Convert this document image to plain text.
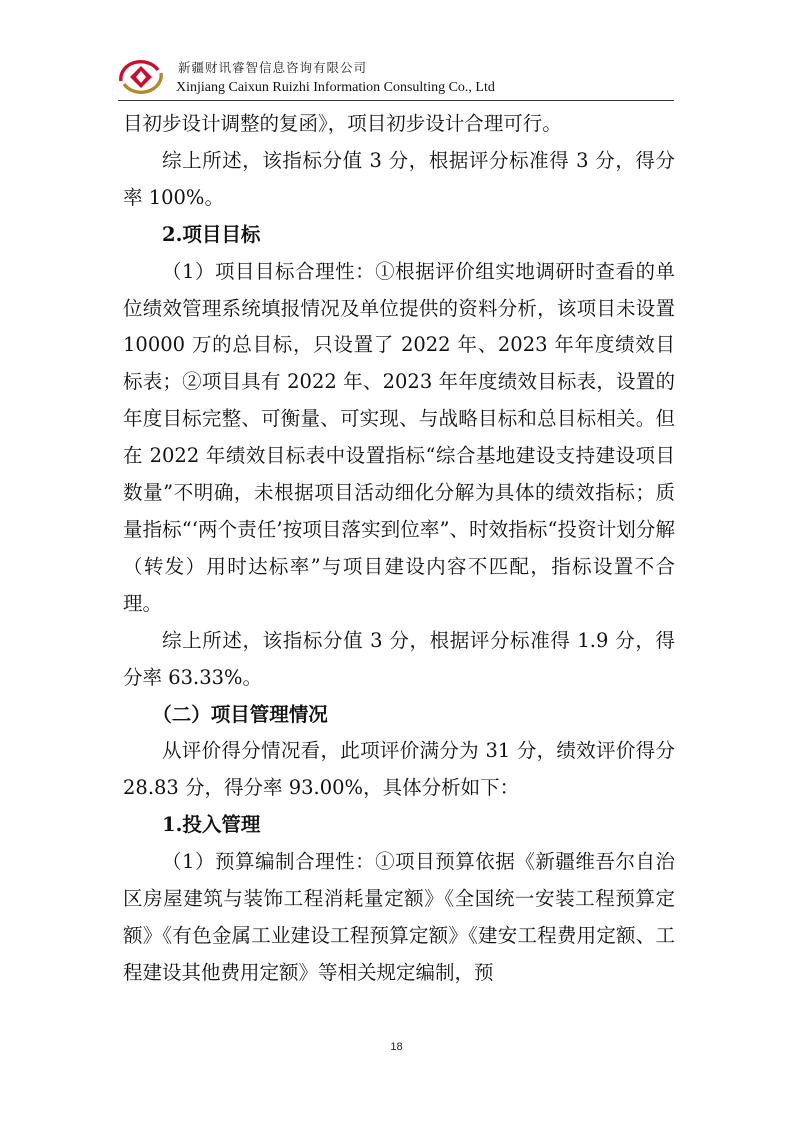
新疆财讯睿智信息咨询有限公司
Xinjiang Caixun Ruizhi Information Consulting Co., Ltd

目初步设计调整的复函》，项目初步设计合理可行。

综上所述，该指标分值 3 分，根据评分标准得 3 分，得分率 100%。

2.项目目标

（1）项目目标合理性：①根据评价组实地调研时查看的单位绩效管理系统填报情况及单位提供的资料分析，该项目未设置 10000 万的总目标，只设置了 2022 年、2023 年年度绩效目标表；②项目具有 2022 年、2023 年年度绩效目标表，设置的年度目标完整、可衡量、可实现、与战略目标和总目标相关。但在 2022 年绩效目标表中设置指标“综合基地建设支持建设项目数量”不明确，未根据项目活动细化分解为具体的绩效指标；质量指标“‘两个责任’按项目落实到位率”、时效指标“投资计划分解（转发）用时达标率”与项目建设内容不匹配，指标设置不合理。

综上所述，该指标分值 3 分，根据评分标准得 1.9 分，得分率 63.33%。

（二）项目管理情况

从评价得分情况看，此项评价满分为 31 分，绩效评价得分 28.83 分，得分率 93.00%，具体分析如下：

1.投入管理

（1）预算编制合理性：①项目预算依据《新疆维吾尔自治区房屋建筑与装饰工程消耗量定额》《全国统一安装工程预算定额》《有色金属工业建设工程预算定额》《建安工程费用定额、工程建设其他费用定额》等相关规定编制，预

18
